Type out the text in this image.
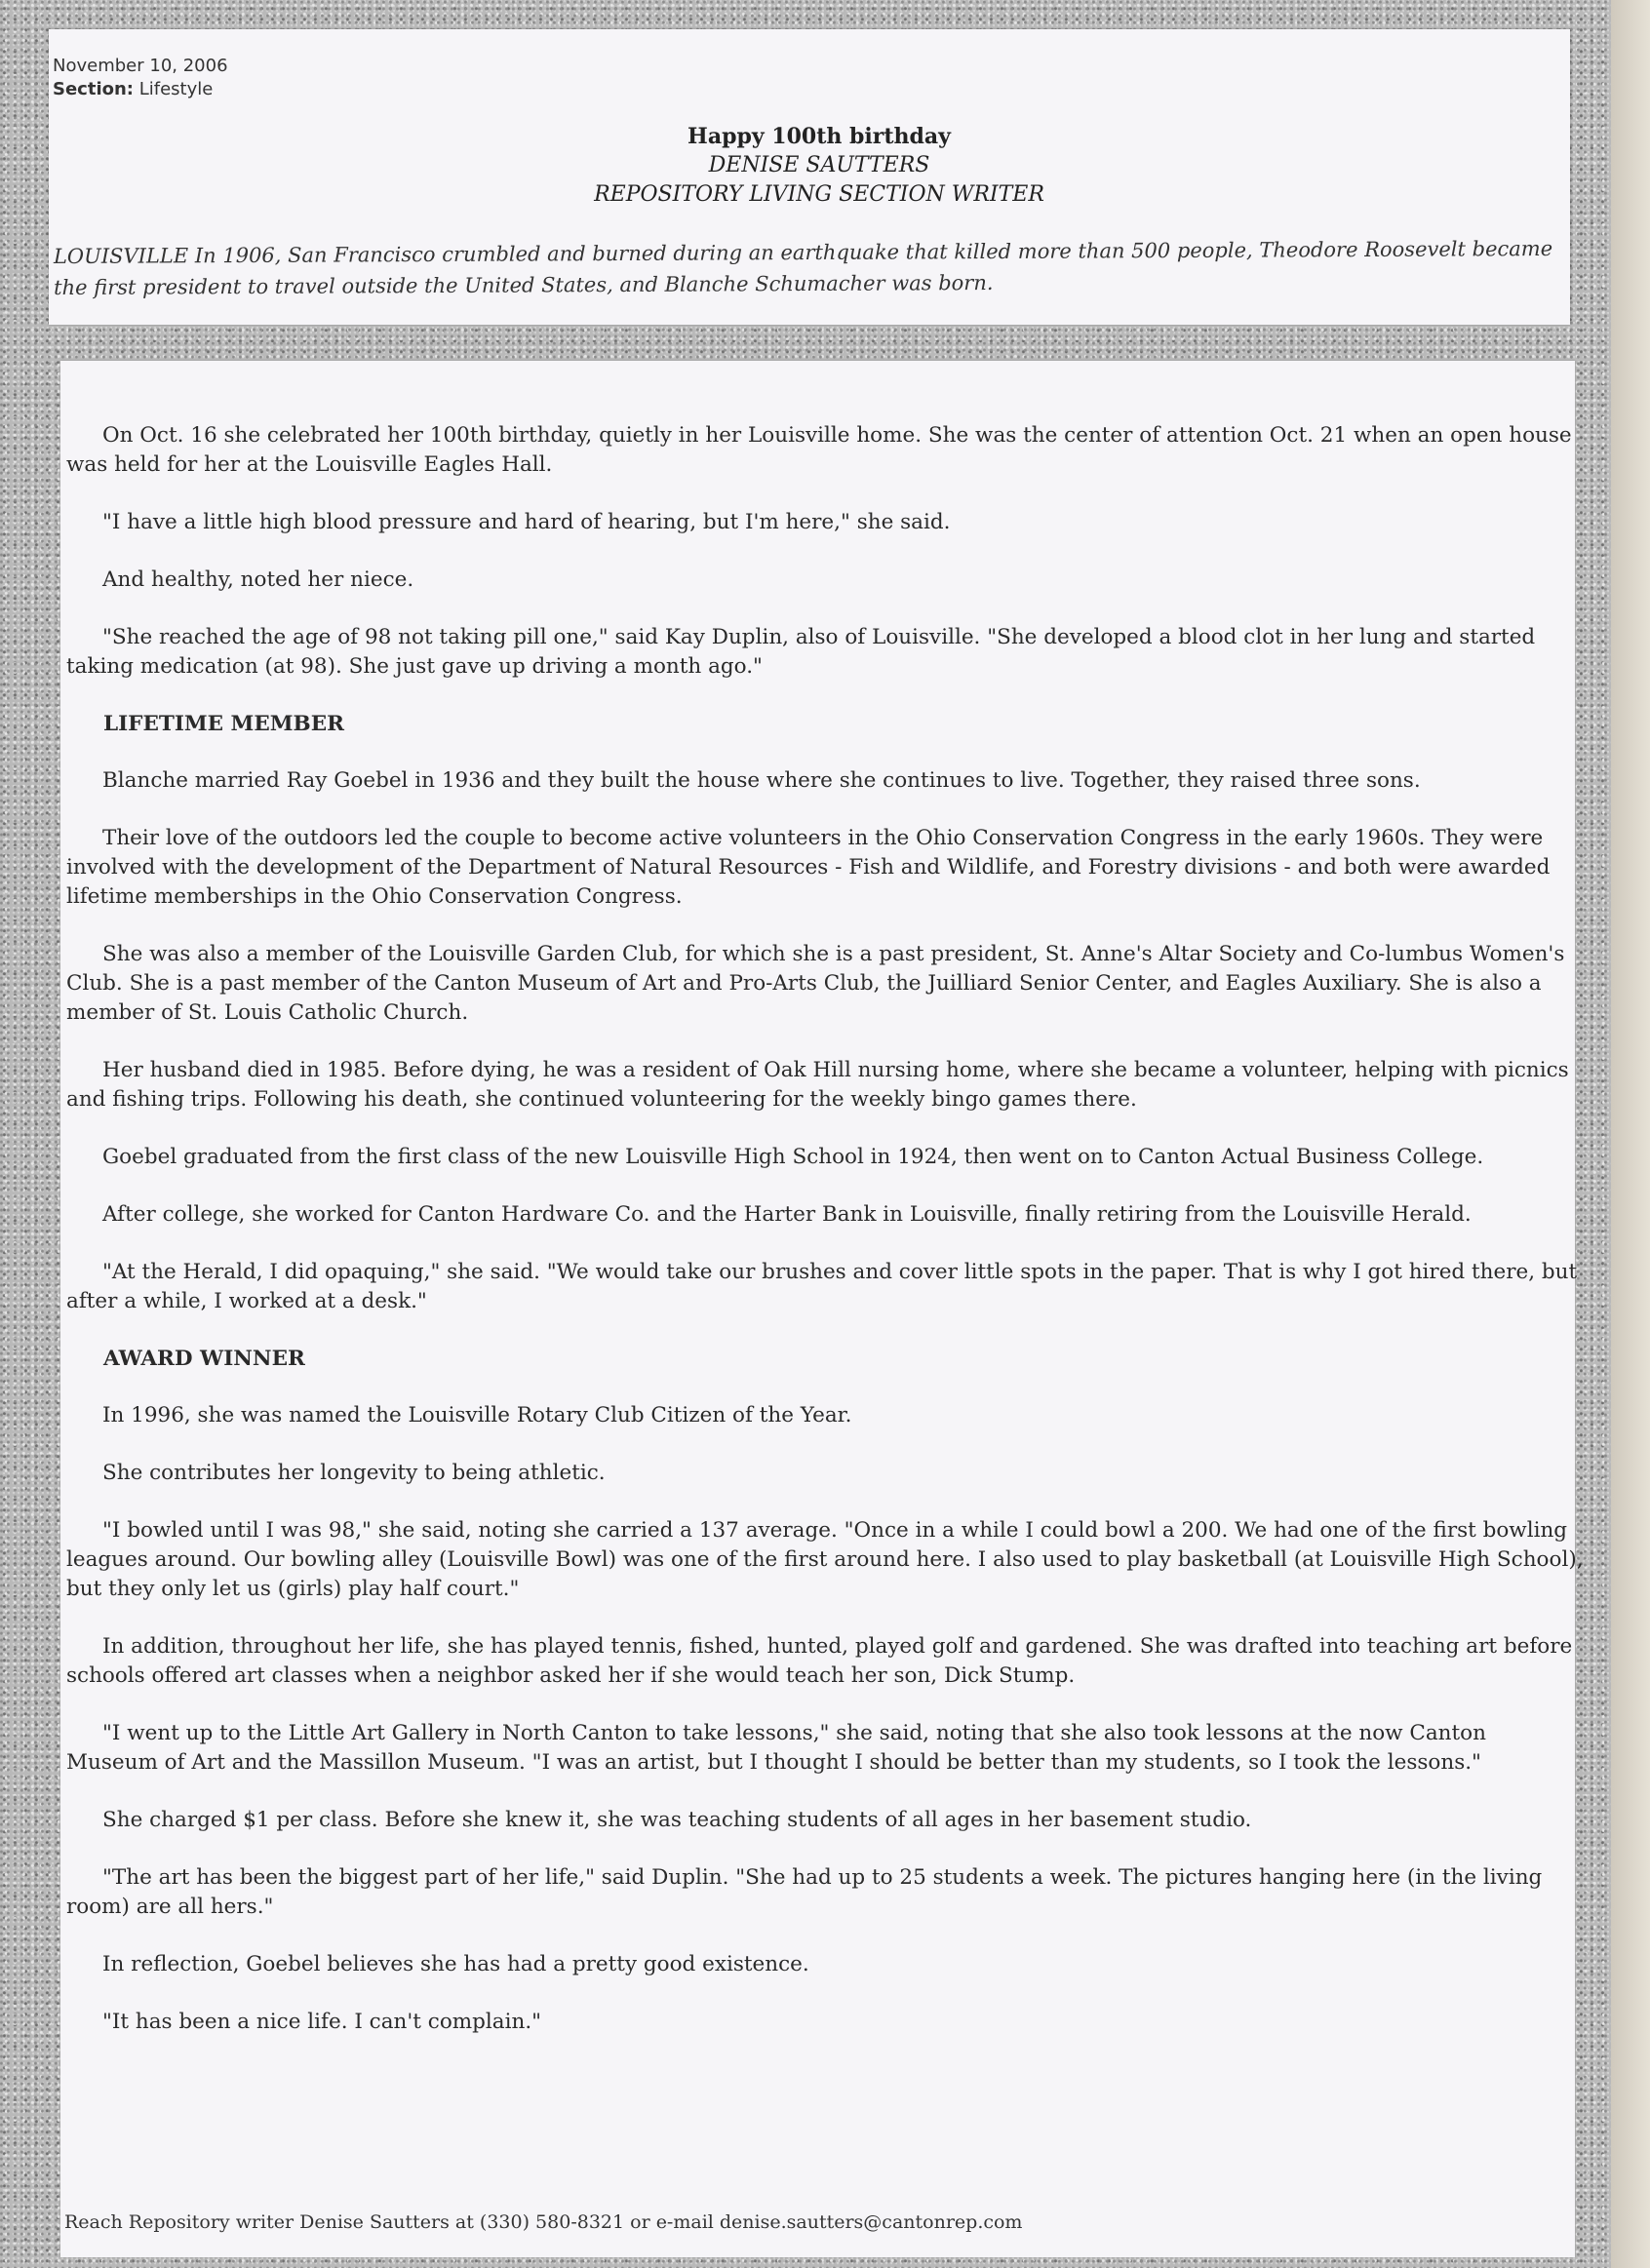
November 10, 2006
Section: Lifestyle
Happy 100th birthday
DENISE SAUTTERS
REPOSITORY LIVING SECTION WRITER
LOUISVILLE In 1906, San Francisco crumbled and burned during an earthquake that killed more than 500 people, Theodore Roosevelt became the first president to travel outside the United States, and Blanche Schumacher was born.

On Oct. 16 she celebrated her 100th birthday, quietly in her Louisville home. She was the center of attention Oct. 21 when an open house was held for her at the Louisville Eagles Hall.

"I have a little high blood pressure and hard of hearing, but I'm here," she said.

And healthy, noted her niece.

"She reached the age of 98 not taking pill one," said Kay Duplin, also of Louisville. "She developed a blood clot in her lung and started taking medication (at 98). She just gave up driving a month ago."

LIFETIME MEMBER

Blanche married Ray Goebel in 1936 and they built the house where she continues to live. Together, they raised three sons.

Their love of the outdoors led the couple to become active volunteers in the Ohio Conservation Congress in the early 1960s. They were involved with the development of the Department of Natural Resources - Fish and Wildlife, and Forestry divisions - and both were awarded lifetime memberships in the Ohio Conservation Congress.

She was also a member of the Louisville Garden Club, for which she is a past president, St. Anne's Altar Society and Co-lumbus Women's Club. She is a past member of the Canton Museum of Art and Pro-Arts Club, the Juilliard Senior Center, and Eagles Auxiliary. She is also a member of St. Louis Catholic Church.

Her husband died in 1985. Before dying, he was a resident of Oak Hill nursing home, where she became a volunteer, helping with picnics and fishing trips. Following his death, she continued volunteering for the weekly bingo games there.

Goebel graduated from the first class of the new Louisville High School in 1924, then went on to Canton Actual Business College.

After college, she worked for Canton Hardware Co. and the Harter Bank in Louisville, finally retiring from the Louisville Herald.

"At the Herald, I did opaquing," she said. "We would take our brushes and cover little spots in the paper. That is why I got hired there, but after a while, I worked at a desk."

AWARD WINNER

In 1996, she was named the Louisville Rotary Club Citizen of the Year.

She contributes her longevity to being athletic.

"I bowled until I was 98," she said, noting she carried a 137 average. "Once in a while I could bowl a 200. We had one of the first bowling leagues around. Our bowling alley (Louisville Bowl) was one of the first around here. I also used to play basketball (at Louisville High School), but they only let us (girls) play half court."

In addition, throughout her life, she has played tennis, fished, hunted, played golf and gardened. She was drafted into teaching art before schools offered art classes when a neighbor asked her if she would teach her son, Dick Stump.

"I went up to the Little Art Gallery in North Canton to take lessons," she said, noting that she also took lessons at the now Canton Museum of Art and the Massillon Museum. "I was an artist, but I thought I should be better than my students, so I took the lessons."

She charged $1 per class. Before she knew it, she was teaching students of all ages in her basement studio.

"The art has been the biggest part of her life," said Duplin. "She had up to 25 students a week. The pictures hanging here (in the living room) are all hers."

In reflection, Goebel believes she has had a pretty good existence.

"It has been a nice life. I can't complain."

Reach Repository writer Denise Sautters at (330) 580-8321 or e-mail denise.sautters@cantonrep.com
